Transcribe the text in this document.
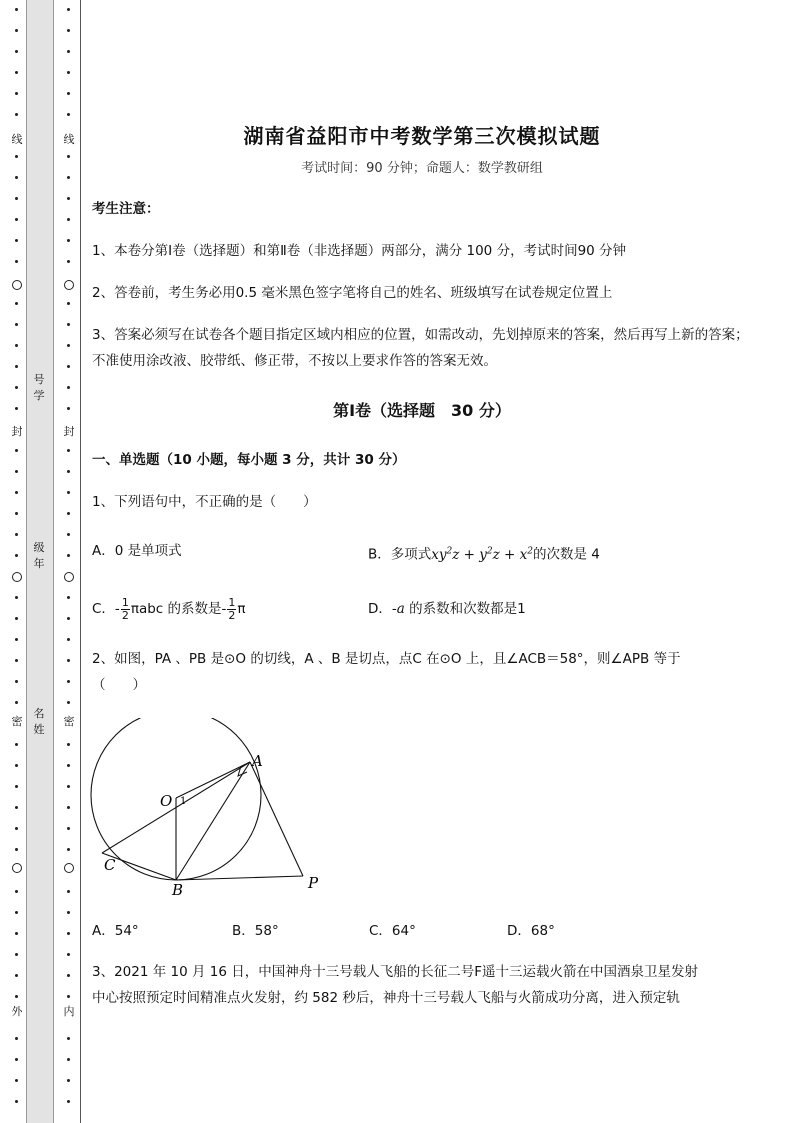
线
封
密
外
线
封
密
内
号学
级年
名姓
湖南省益阳市中考数学第三次模拟试题
考试时间：90 分钟；命题人：数学教研组
考生注意：
1、本卷分第Ⅰ卷（选择题）和第Ⅱ卷（非选择题）两部分，满分 100 分，考试时间90 分钟
2、答卷前，考生务必用0.5 毫米黑色签字笔将自己的姓名、班级填写在试卷规定位置上
3、答案必须写在试卷各个题目指定区域内相应的位置，如需改动，先划掉原来的答案，然后再写上新的答案；不准使用涂改液、胶带纸、修正带，不按以上要求作答的答案无效。
第Ⅰ卷（选择题　30 分）
一、单选题（10 小题，每小题 3 分，共计 30 分）
1、下列语句中，不正确的是（　　）
A．0 是单项式	B．多项式$xy^2z + y^2z + x^2$的次数是 4
C．- $\frac{1}{2}$ πabc 的系数是- $\frac{1}{2}$ π	D．-a 的系数和次数都是1
2、如图，PA 、PB 是⊙O 的切线，A 、B 是切点，点C 在⊙O 上，且∠ACB＝58°，则∠APB 等于
（　　）
A．54°	B．58°	C．64°	D．68°
3、2021 年 10 月 16 日，中国神舟十三号载人飞船的长征二号F遥十三运载火箭在中国酒泉卫星发射
中心按照预定时间精准点火发射，约 582 秒后，神舟十三号载人飞船与火箭成功分离，进入预定轨
O 1
A
B
C
P
